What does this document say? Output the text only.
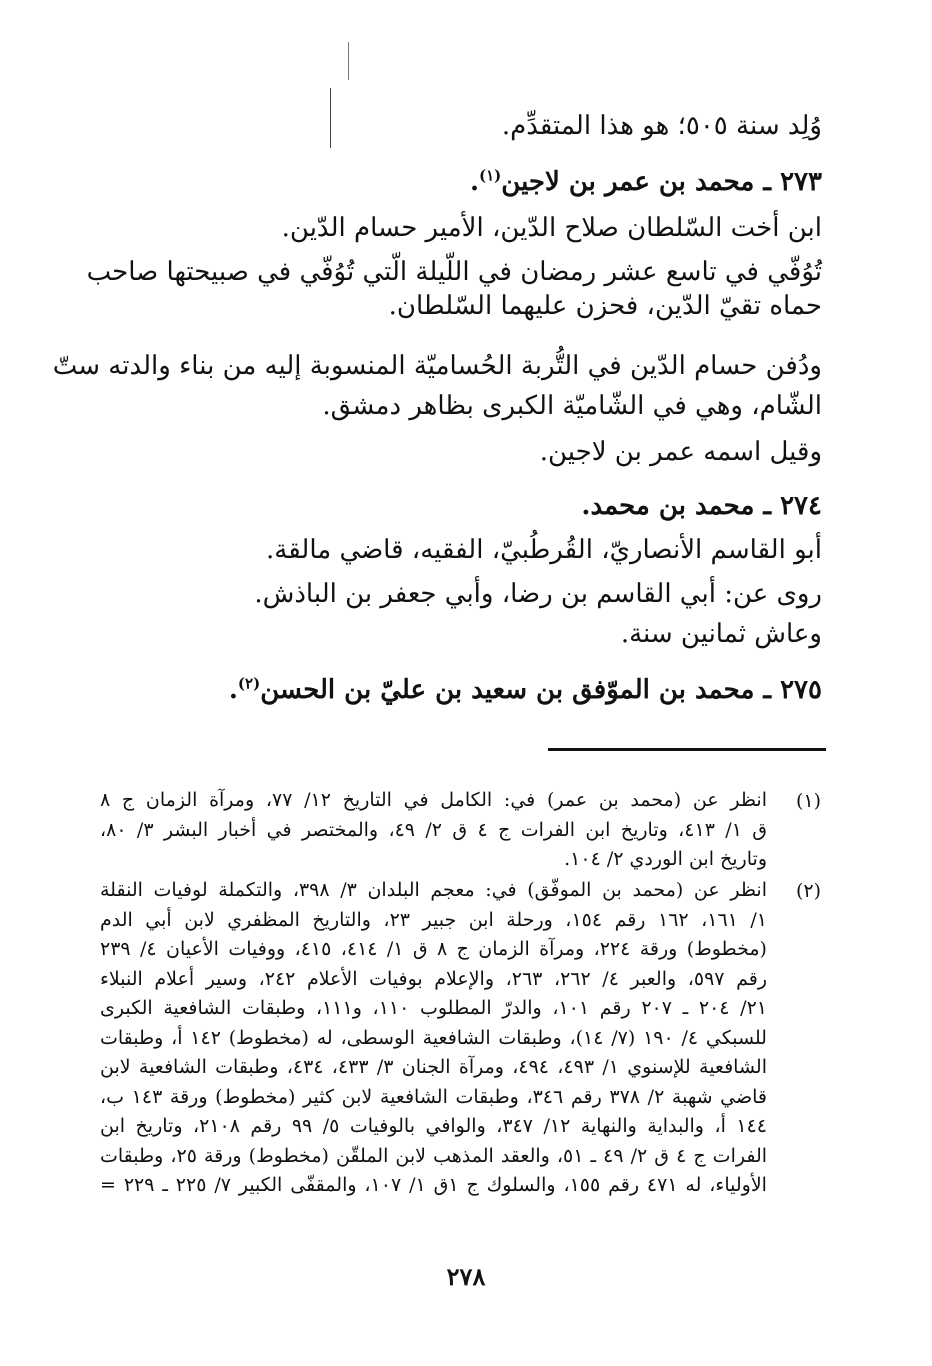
وُلِد سنة ٥٠٥؛ هو هذا المتقدِّم.
٢٧٣ ـ محمد بن عمر بن لاجين$^{(١)}$.
ابن أخت السّلطان صلاح الدّين، الأمير حسام الدّين.
تُوُفّي في تاسع عشر رمضان في اللّيلة الّتي تُوُفّي في صبيحتها صاحب
حماه تقيّ الدّين، فحزن عليهما السّلطان.
ودُفن حسام الدّين في التُّربة الحُساميّة المنسوبة إليه من بناء والدته ستّ
الشّام، وهي في الشّاميّة الكبرى بظاهر دمشق.
وقيل اسمه عمر بن لاجين.
٢٧٤ ـ محمد بن محمد.
أبو القاسم الأنصاريّ، القُرطُبيّ، الفقيه، قاضي مالقة.
روى عن: أبي القاسم بن رضا، وأبي جعفر بن الباذش.
وعاش ثمانين سنة.
٢٧٥ ـ محمد بن الموّفق بن سعيد بن عليّ بن الحسن$^{(٢)}$.
(١)
انظر عن (محمد بن عمر) في: الكامل في التاريخ ١٢/ ٧٧، ومرآة الزمان ج ٨
ق ١/ ٤١٣، وتاريخ ابن الفرات ج ٤ ق ٢/ ٤٩، والمختصر في أخبار البشر ٣/ ٨٠،
وتاريخ ابن الوردي ٢/ ١٠٤.
(٢)
انظر عن (محمد بن الموفّق) في: معجم البلدان ٣/ ٣٩٨، والتكملة لوفيات النقلة
١/ ١٦١، ١٦٢ رقم ١٥٤، ورحلة ابن جبير ٢٣، والتاريخ المظفري لابن أبي الدم
(مخطوط) ورقة ٢٢٤، ومرآة الزمان ج ٨ ق ١/ ٤١٤، ٤١٥، ووفيات الأعيان ٤/ ٢٣٩
رقم ٥٩٧، والعبر ٤/ ٢٦٢، ٢٦٣، والإعلام بوفيات الأعلام ٢٤٢، وسير أعلام النبلاء
٢١/ ٢٠٤ ـ ٢٠٧ رقم ١٠١، والدرّ المطلوب ١١٠، و١١١، وطبقات الشافعية الكبرى
للسبكي ٤/ ١٩٠ (٧/ ١٤)، وطبقات الشافعية الوسطى، له (مخطوط) ١٤٢ أ، وطبقات
الشافعية للإسنوي ١/ ٤٩٣، ٤٩٤، ومرآة الجنان ٣/ ٤٣٣، ٤٣٤، وطبقات الشافعية لابن
قاضي شهبة ٢/ ٣٧٨ رقم ٣٤٦، وطبقات الشافعية لابن كثير (مخطوط) ورقة ١٤٣ ب،
١٤٤ أ، والبداية والنهاية ١٢/ ٣٤٧، والوافي بالوفيات ٥/ ٩٩ رقم ٢١٠٨، وتاريخ ابن
الفرات ج ٤ ق ٢/ ٤٩ ـ ٥١، والعقد المذهب لابن الملقّن (مخطوط) ورقة ٢٥، وطبقات
الأولياء، له ٤٧١ رقم ١٥٥، والسلوك ج ١ق ١/ ١٠٧، والمقفّى الكبير ٧/ ٢٢٥ ـ ٢٢٩ =
٢٧٨
